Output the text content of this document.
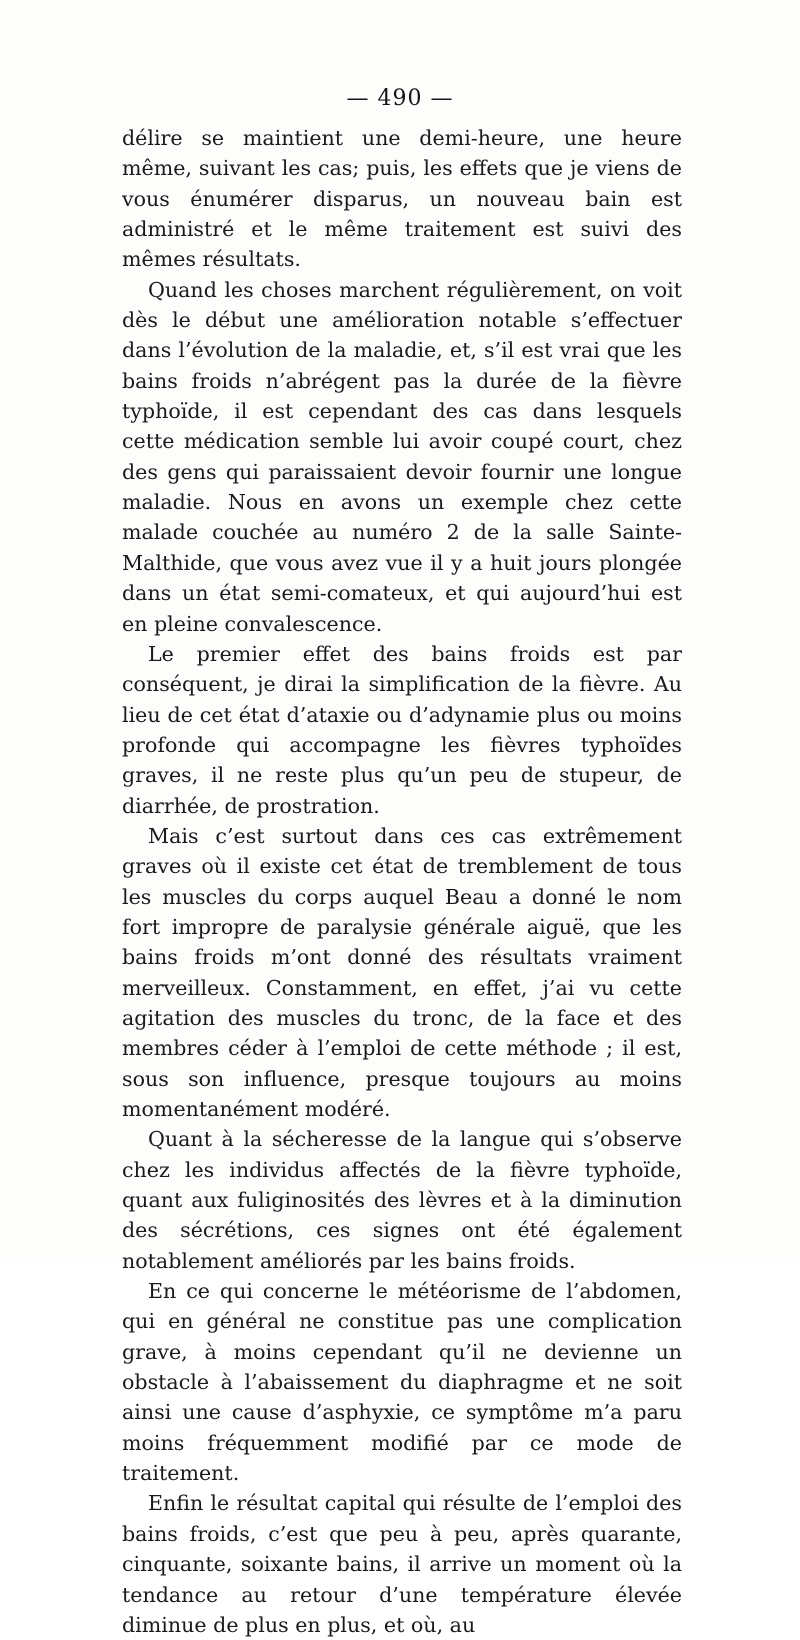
— 490 —

délire se maintient une demi-heure, une heure même, suivant les cas; puis, les effets que je viens de vous énumérer disparus, un nouveau bain est administré et le même traitement est suivi des mêmes résultats.

Quand les choses marchent régulièrement, on voit dès le début une amélioration notable s’effectuer dans l’évolution de la maladie, et, s’il est vrai que les bains froids n’abrégent pas la durée de la fièvre typhoïde, il est cependant des cas dans lesquels cette médication semble lui avoir coupé court, chez des gens qui paraissaient devoir fournir une longue maladie. Nous en avons un exemple chez cette malade couchée au numéro 2 de la salle Sainte-Malthide, que vous avez vue il y a huit jours plongée dans un état semi-comateux, et qui aujourd’hui est en pleine convalescence.

Le premier effet des bains froids est par conséquent, je dirai la simplification de la fièvre. Au lieu de cet état d’ataxie ou d’adynamie plus ou moins profonde qui accompagne les fièvres typhoïdes graves, il ne reste plus qu’un peu de stupeur, de diarrhée, de prostration.

Mais c’est surtout dans ces cas extrêmement graves où il existe cet état de tremblement de tous les muscles du corps auquel Beau a donné le nom fort impropre de paralysie générale aiguë, que les bains froids m’ont donné des résultats vraiment merveilleux. Constamment, en effet, j’ai vu cette agitation des muscles du tronc, de la face et des membres céder à l’emploi de cette méthode ; il est, sous son influence, presque toujours au moins momentanément modéré.

Quant à la sécheresse de la langue qui s’observe chez les individus affectés de la fièvre typhoïde, quant aux fuliginosités des lèvres et à la diminution des sécrétions, ces signes ont été également notablement améliorés par les bains froids.

En ce qui concerne le météorisme de l’abdomen, qui en général ne constitue pas une complication grave, à moins cependant qu’il ne devienne un obstacle à l’abaissement du diaphragme et ne soit ainsi une cause d’asphyxie, ce symptôme m’a paru moins fréquemment modifié par ce mode de traitement.

Enfin le résultat capital qui résulte de l’emploi des bains froids, c’est que peu à peu, après quarante, cinquante, soixante bains, il arrive un moment où la tendance au retour d’une température élevée diminue de plus en plus, et où, au
